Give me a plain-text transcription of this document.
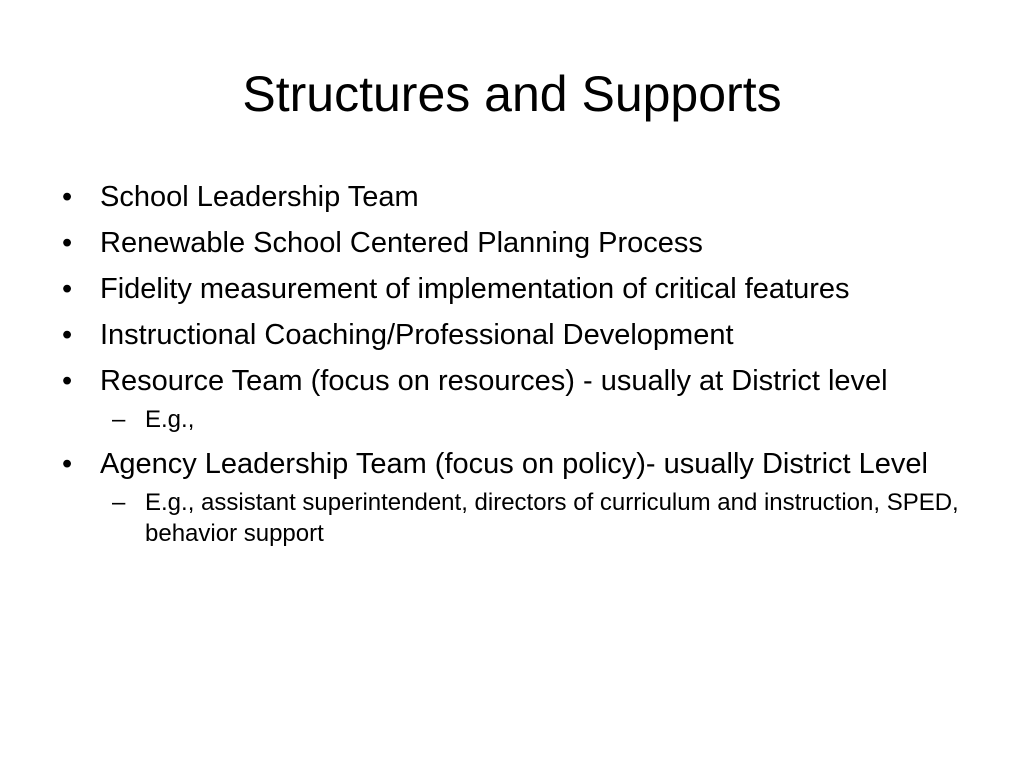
Structures and Supports
• School Leadership Team
• Renewable School Centered Planning Process
• Fidelity measurement of implementation of critical features
• Instructional Coaching/Professional Development
• Resource Team (focus on resources) - usually at District level
– E.g.,
• Agency Leadership Team (focus on policy)- usually District Level
– E.g., assistant superintendent, directors of curriculum and instruction, SPED, behavior support
